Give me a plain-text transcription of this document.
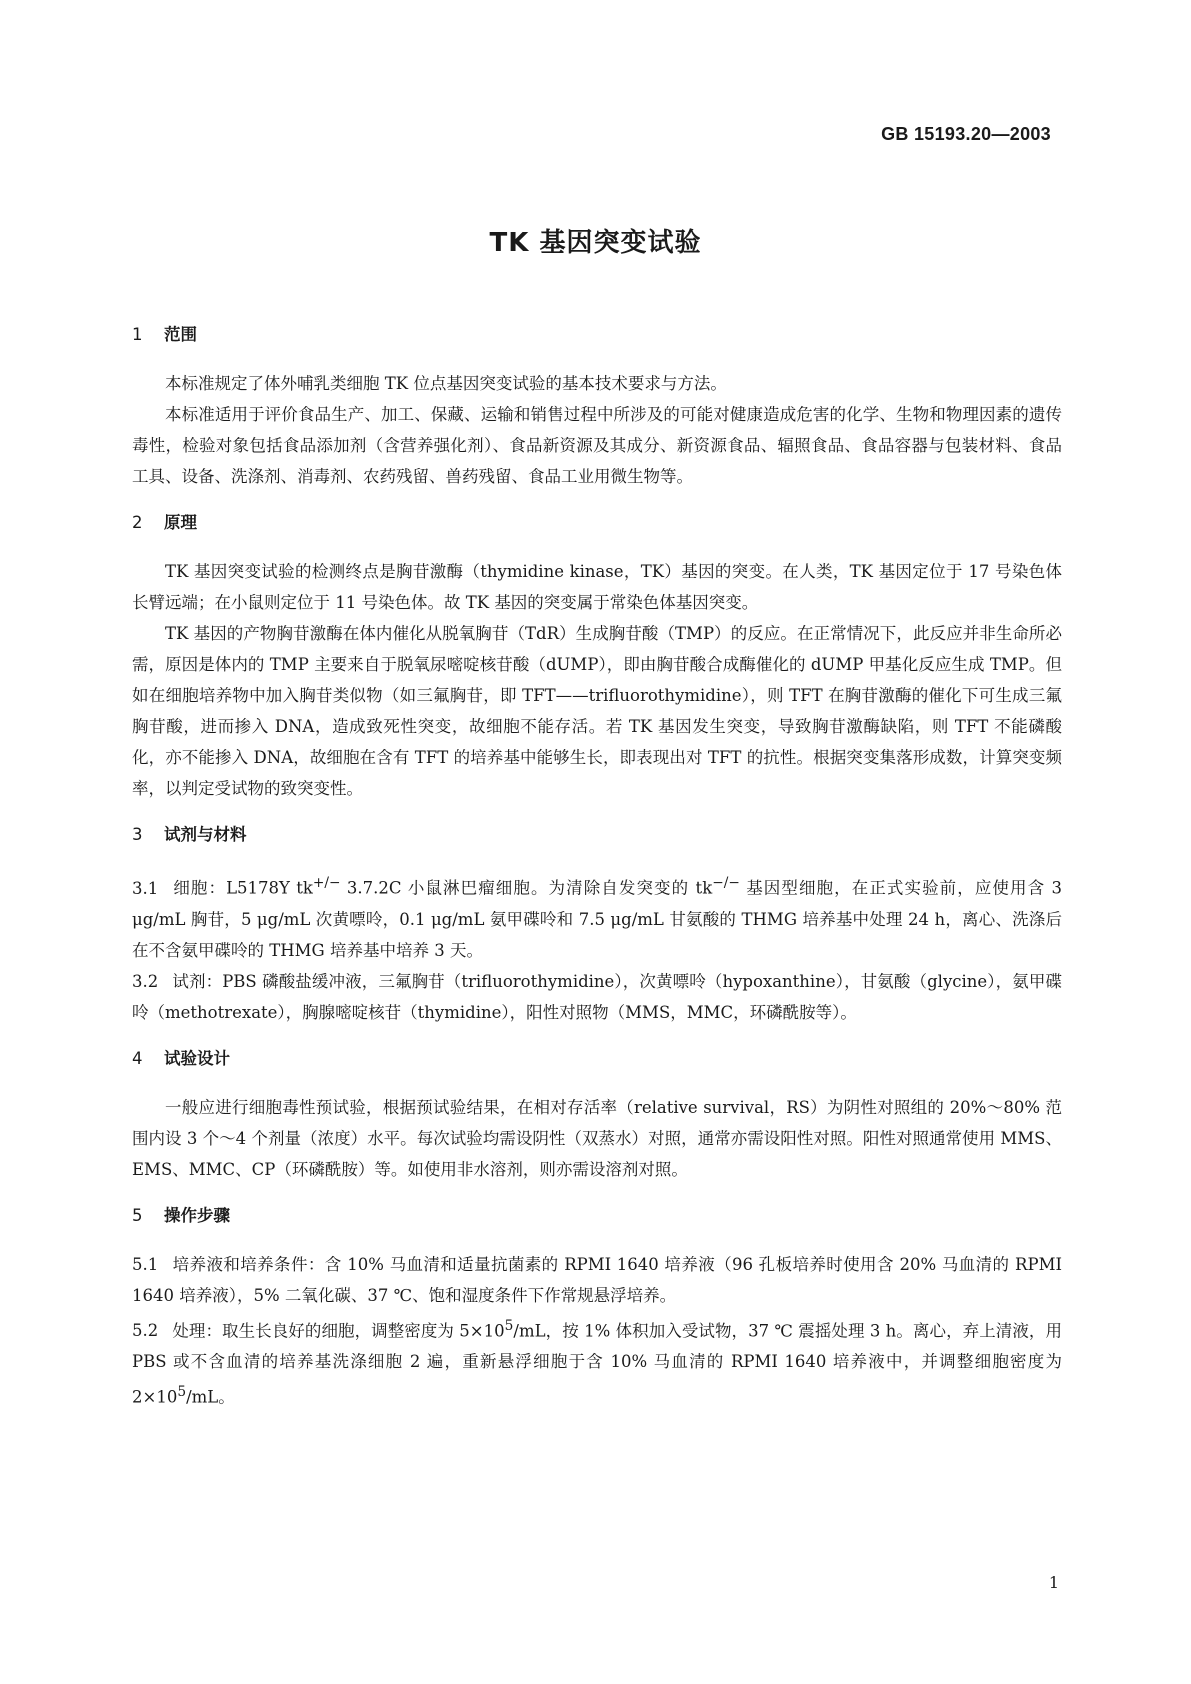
GB 15193.20—2003
TK 基因突变试验
1 范围

本标准规定了体外哺乳类细胞 TK 位点基因突变试验的基本技术要求与方法。

本标准适用于评价食品生产、加工、保藏、运输和销售过程中所涉及的可能对健康造成危害的化学、生物和物理因素的遗传毒性，检验对象包括食品添加剂（含营养强化剂）、食品新资源及其成分、新资源食品、辐照食品、食品容器与包装材料、食品工具、设备、洗涤剂、消毒剂、农药残留、兽药残留、食品工业用微生物等。

2 原理

TK 基因突变试验的检测终点是胸苷激酶（thymidine kinase，TK）基因的突变。在人类，TK 基因定位于 17 号染色体长臂远端；在小鼠则定位于 11 号染色体。故 TK 基因的突变属于常染色体基因突变。

TK 基因的产物胸苷激酶在体内催化从脱氧胸苷（TdR）生成胸苷酸（TMP）的反应。在正常情况下，此反应并非生命所必需，原因是体内的 TMP 主要来自于脱氧尿嘧啶核苷酸（dUMP），即由胸苷酸合成酶催化的 dUMP 甲基化反应生成 TMP。但如在细胞培养物中加入胸苷类似物（如三氟胸苷，即 TFT——trifluorothymidine），则 TFT 在胸苷激酶的催化下可生成三氟胸苷酸，进而掺入 DNA，造成致死性突变，故细胞不能存活。若 TK 基因发生突变，导致胸苷激酶缺陷，则 TFT 不能磷酸化，亦不能掺入 DNA，故细胞在含有 TFT 的培养基中能够生长，即表现出对 TFT 的抗性。根据突变集落形成数，计算突变频率，以判定受试物的致突变性。

3 试剂与材料

3.1 细胞：L5178Y tk+/− 3.7.2C 小鼠淋巴瘤细胞。为清除自发突变的 tk−/− 基因型细胞，在正式实验前，应使用含 3 μg/mL 胸苷，5 μg/mL 次黄嘌呤，0.1 μg/mL 氨甲碟呤和 7.5 μg/mL 甘氨酸的 THMG 培养基中处理 24 h，离心、洗涤后在不含氨甲碟呤的 THMG 培养基中培养 3 天。

3.2 试剂：PBS 磷酸盐缓冲液，三氟胸苷（trifluorothymidine），次黄嘌呤（hypoxanthine），甘氨酸（glycine），氨甲碟呤（methotrexate），胸腺嘧啶核苷（thymidine），阳性对照物（MMS，MMC，环磷酰胺等）。

4 试验设计

一般应进行细胞毒性预试验，根据预试验结果，在相对存活率（relative survival，RS）为阴性对照组的 20%～80% 范围内设 3 个～4 个剂量（浓度）水平。每次试验均需设阴性（双蒸水）对照，通常亦需设阳性对照。阳性对照通常使用 MMS、EMS、MMC、CP（环磷酰胺）等。如使用非水溶剂，则亦需设溶剂对照。

5 操作步骤

5.1 培养液和培养条件：含 10% 马血清和适量抗菌素的 RPMI 1640 培养液（96 孔板培养时使用含 20% 马血清的 RPMI 1640 培养液），5% 二氧化碳、37 ℃、饱和湿度条件下作常规悬浮培养。

5.2 处理：取生长良好的细胞，调整密度为 $5\times 10^5/mL$，按 1% 体积加入受试物，37 ℃ 震摇处理 3 h。离心，弃上清液，用 PBS 或不含血清的培养基洗涤细胞 2 遍，重新悬浮细胞于含 10% 马血清的 RPMI 1640 培养液中，并调整细胞密度为 $2\times 10^5/mL$。

1
